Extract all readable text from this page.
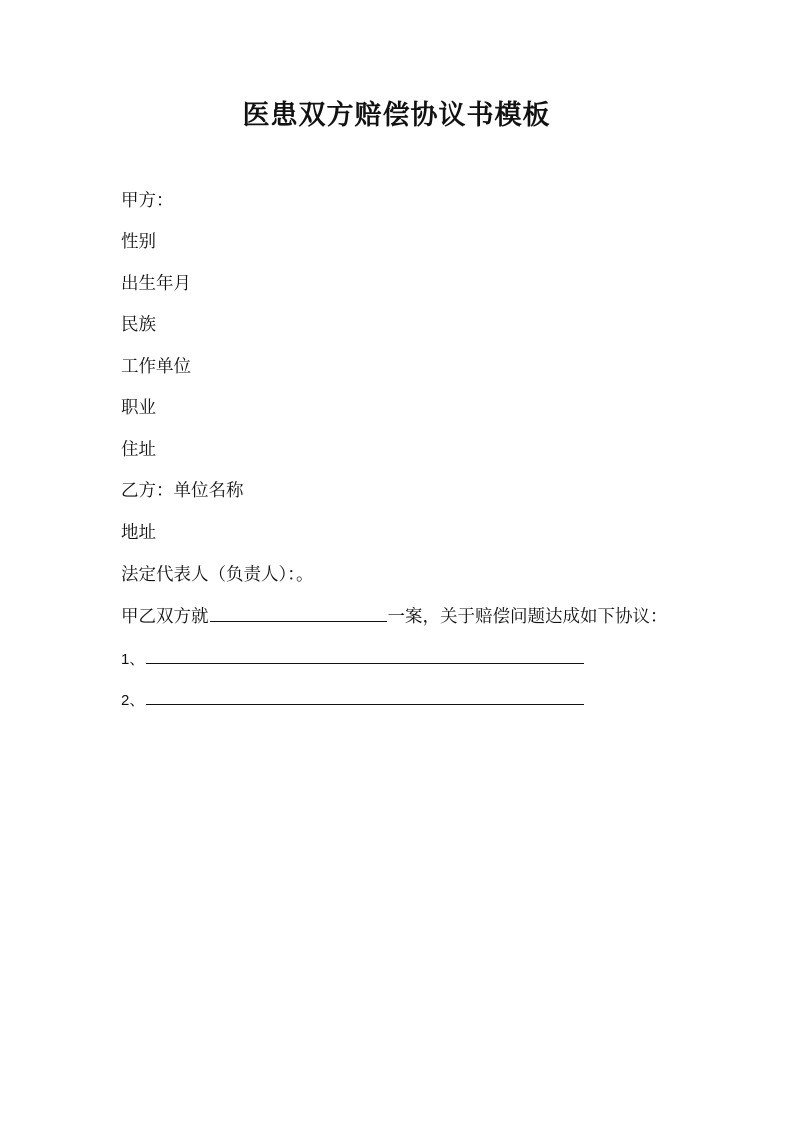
医患双方赔偿协议书模板
甲方：
性别
出生年月
民族
工作单位
职业
住址
乙方：单位名称
地址
法定代表人（负责人）：。
甲乙双方就	一案，关于赔偿问题达成如下协议：
1、
2、
